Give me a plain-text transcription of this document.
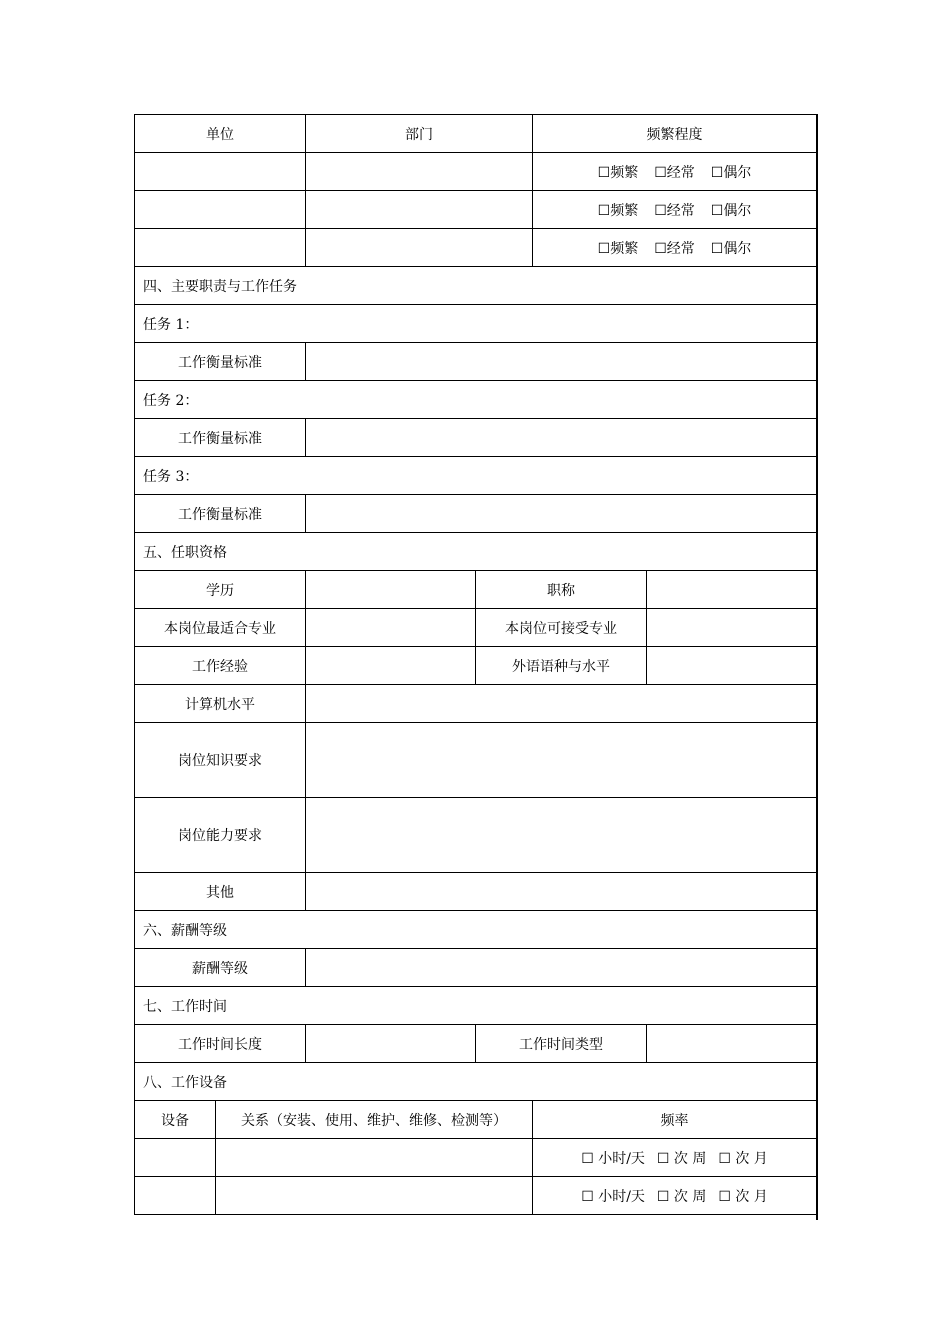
单位		部门		频繁程度	
				☐频繁 ☐经常 ☐偶尔	
				☐频繁 ☐经常 ☐偶尔	
				☐频繁 ☐经常 ☐偶尔	
四、主要职责与工作任务					
任务 1：					
工作衡量标准					
任务 2：					
工作衡量标准					
任务 3：					
工作衡量标准					
五、任职资格					
学历			职称		
本岗位最适合专业			本岗位可接受专业		
工作经验			外语语种与水平		
计算机水平					
岗位知识要求					
岗位能力要求					
其他					
六、薪酬等级					
薪酬等级					
七、工作时间					
工作时间长度			工作时间类型		
八、工作设备					
设备	关系（安装、使用、维护、维修、检测等）			频率	
				☐ 小时/天 ☐ 次 周 ☐ 次 月	
				☐ 小时/天 ☐ 次 周 ☐ 次 月	
